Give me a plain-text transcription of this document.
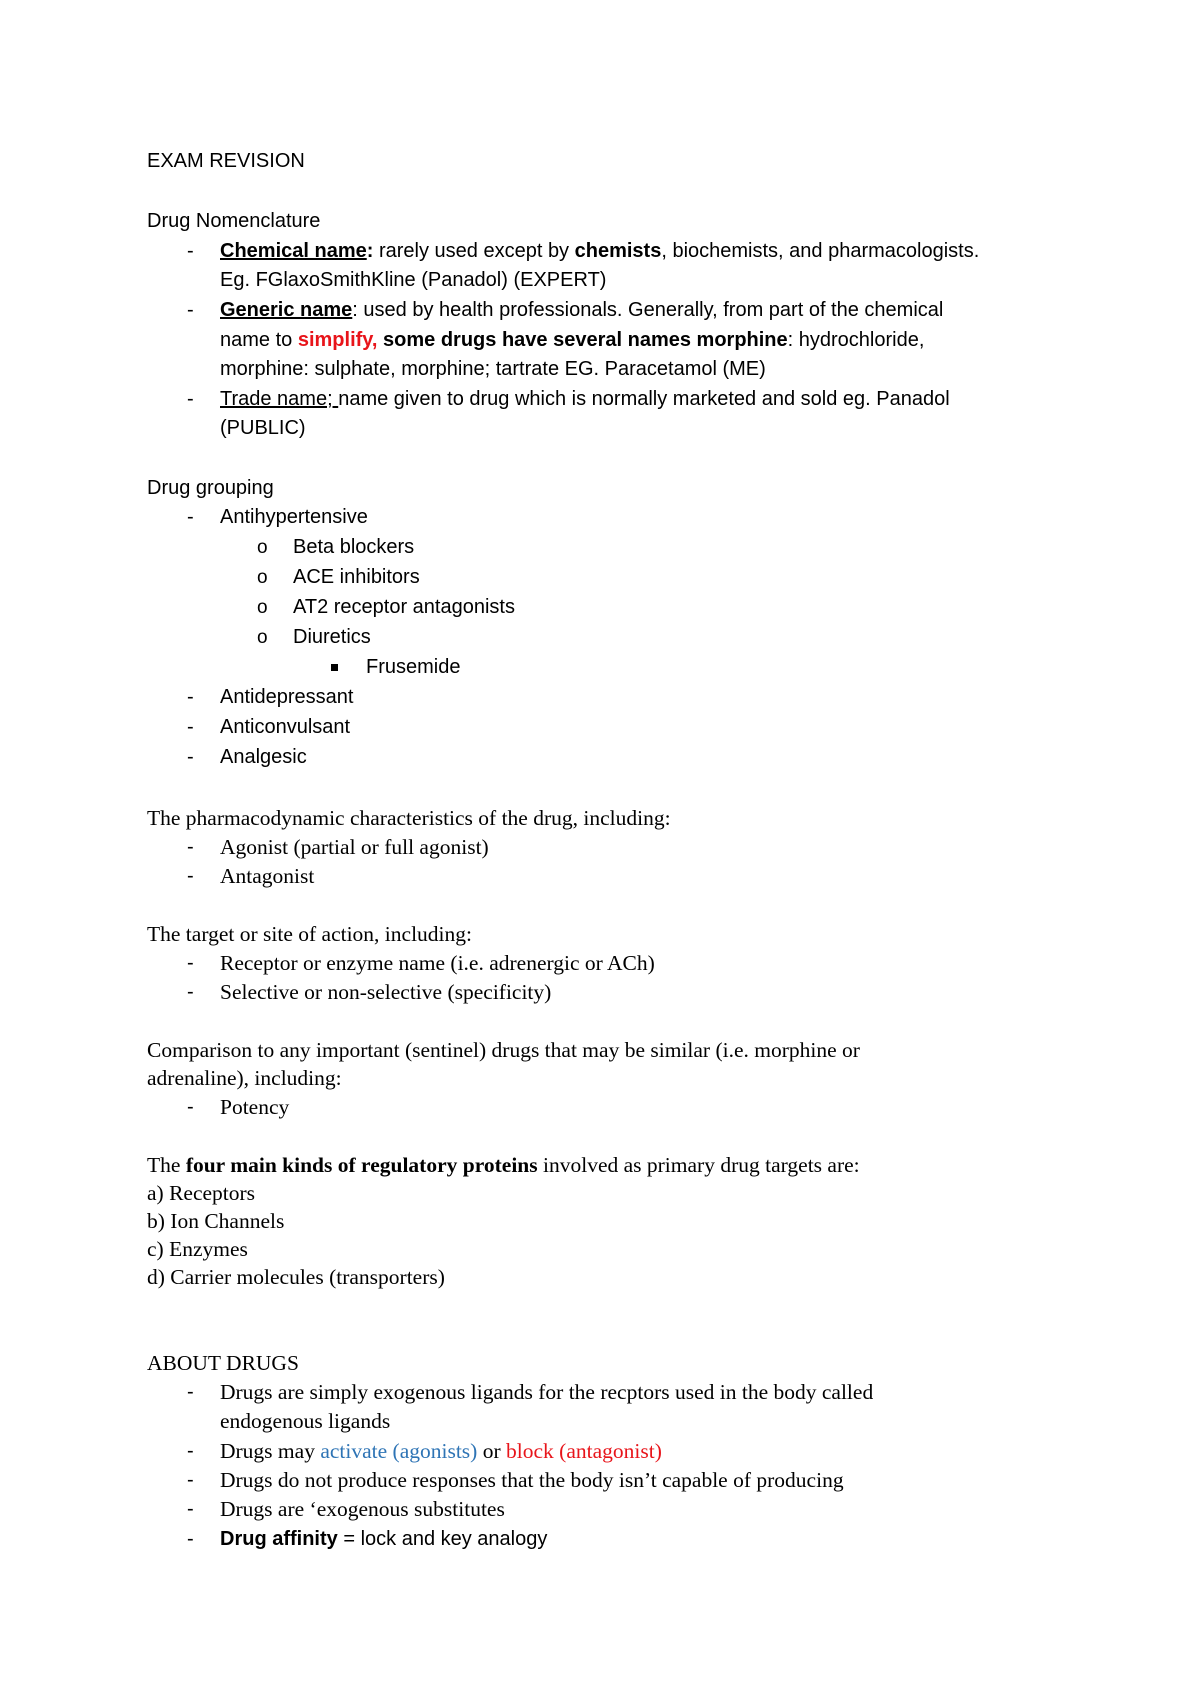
EXAM REVISION
Drug Nomenclature
- Chemical name: rarely used except by chemists, biochemists, and pharmacologists.
Eg. FGlaxoSmithKline (Panadol) (EXPERT)
- Generic name: used by health professionals. Generally, from part of the chemical
name to simplify, some drugs have several names morphine: hydrochloride,
morphine: sulphate, morphine; tartrate EG. Paracetamol (ME)
- Trade name; name given to drug which is normally marketed and sold eg. Panadol
(PUBLIC)
Drug grouping
- Antihypertensive
o Beta blockers
o ACE inhibitors
o AT2 receptor antagonists
o Diuretics
Frusemide
- Antidepressant
- Anticonvulsant
- Analgesic
The pharmacodynamic characteristics of the drug, including:
- Agonist (partial or full agonist)
- Antagonist
The target or site of action, including:
- Receptor or enzyme name (i.e. adrenergic or ACh)
- Selective or non-selective (specificity)
Comparison to any important (sentinel) drugs that may be similar (i.e. morphine or
adrenaline), including:
- Potency
The four main kinds of regulatory proteins involved as primary drug targets are:
a) Receptors
b) Ion Channels
c) Enzymes
d) Carrier molecules (transporters)
ABOUT DRUGS
- Drugs are simply exogenous ligands for the recptors used in the body called
endogenous ligands
- Drugs may activate (agonists) or block (antagonist)
- Drugs do not produce responses that the body isn’t capable of producing
- Drugs are ‘exogenous substitutes
- Drug affinity = lock and key analogy
